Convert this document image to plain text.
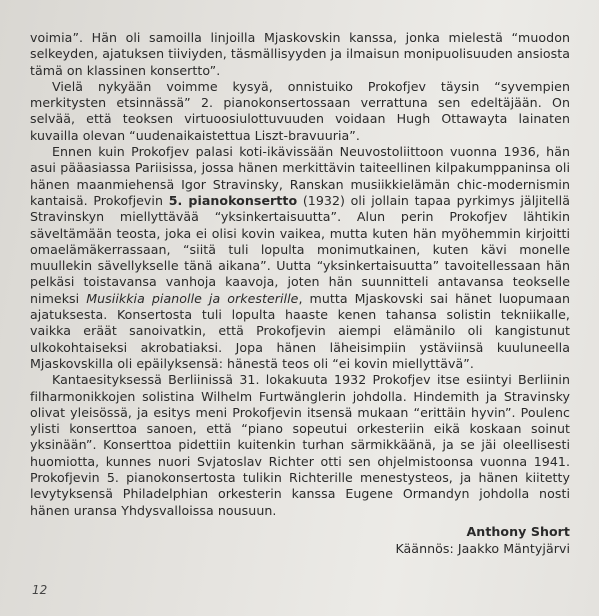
voimia”. Hän oli samoilla linjoilla Mjaskovskin kanssa, jonka mielestä “muodon selkeyden, ajatuksen tiiviyden, täsmällisyyden ja ilmaisun monipuolisuuden ansiosta tämä on klassinen konsertto”.

Vielä nykyään voimme kysyä, onnistuiko Prokofjev täysin “syvempien merkitysten etsinnässä” 2. pianokonsertossaan verrattuna sen edeltäjään. On selvää, että teoksen virtuoosiulottuvuuden voidaan Hugh Ottawayta lainaten kuvailla olevan “uudenaikaistettua Liszt-bravuuria”.

Ennen kuin Prokofjev palasi koti-ikävissään Neuvostoliittoon vuonna 1936, hän asui pääasiassa Pariisissa, jossa hänen merkittävin taiteellinen kilpakumppaninsa oli hänen maanmiehensä Igor Stravinsky, Ranskan musiikkielämän chic-modernismin kantaisä. Prokofjevin 5. pianokonsertto (1932) oli jollain tapaa pyrkimys jäljitellä Stravinskyn miellyttävää “yksinkertaisuutta”. Alun perin Prokofjev lähtikin säveltämään teosta, joka ei olisi kovin vaikea, mutta kuten hän myöhemmin kirjoitti omaelämäkerrassaan, “siitä tuli lopulta monimutkainen, kuten kävi monelle muullekin sävellykselle tänä aikana”. Uutta “yksinkertaisuutta” tavoitellessaan hän pelkäsi toistavansa vanhoja kaavoja, joten hän suunnitteli antavansa teokselle nimeksi Musiikkia pianolle ja orkesterille, mutta Mjaskovski sai hänet luopumaan ajatuksesta. Konsertosta tuli lopulta haaste kenen tahansa solistin tekniikalle, vaikka eräät sanoivatkin, että Prokofjevin aiempi elämänilo oli kangistunut ulkokohtaiseksi akrobatiaksi. Jopa hänen läheisimpiin ystäviinsä kuuluneella Mjaskovskilla oli epäilyksensä: hänestä teos oli “ei kovin miellyttävä”.

Kantaesityksessä Berliinissä 31. lokakuuta 1932 Prokofjev itse esiintyi Berliinin filharmonikkojen solistina Wilhelm Furtwänglerin johdolla. Hindemith ja Stravinsky olivat yleisössä, ja esitys meni Prokofjevin itsensä mukaan “erittäin hyvin”. Poulenc ylisti konserttoa sanoen, että “piano sopeutui orkesteriin eikä koskaan soinut yksinään”. Konserttoa pidettiin kuitenkin turhan särmikkäänä, ja se jäi oleellisesti huomiotta, kunnes nuori Svjatoslav Richter otti sen ohjelmistoonsa vuonna 1941. Prokofjevin 5. pianokonsertosta tulikin Richterille menestysteos, ja hänen kiitetty levytyksensä Philadelphian orkesterin kanssa Eugene Ormandyn johdolla nosti hänen uransa Yhdysvalloissa nousuun.

Anthony Short
Käännös: Jaakko Mäntyjärvi
12
